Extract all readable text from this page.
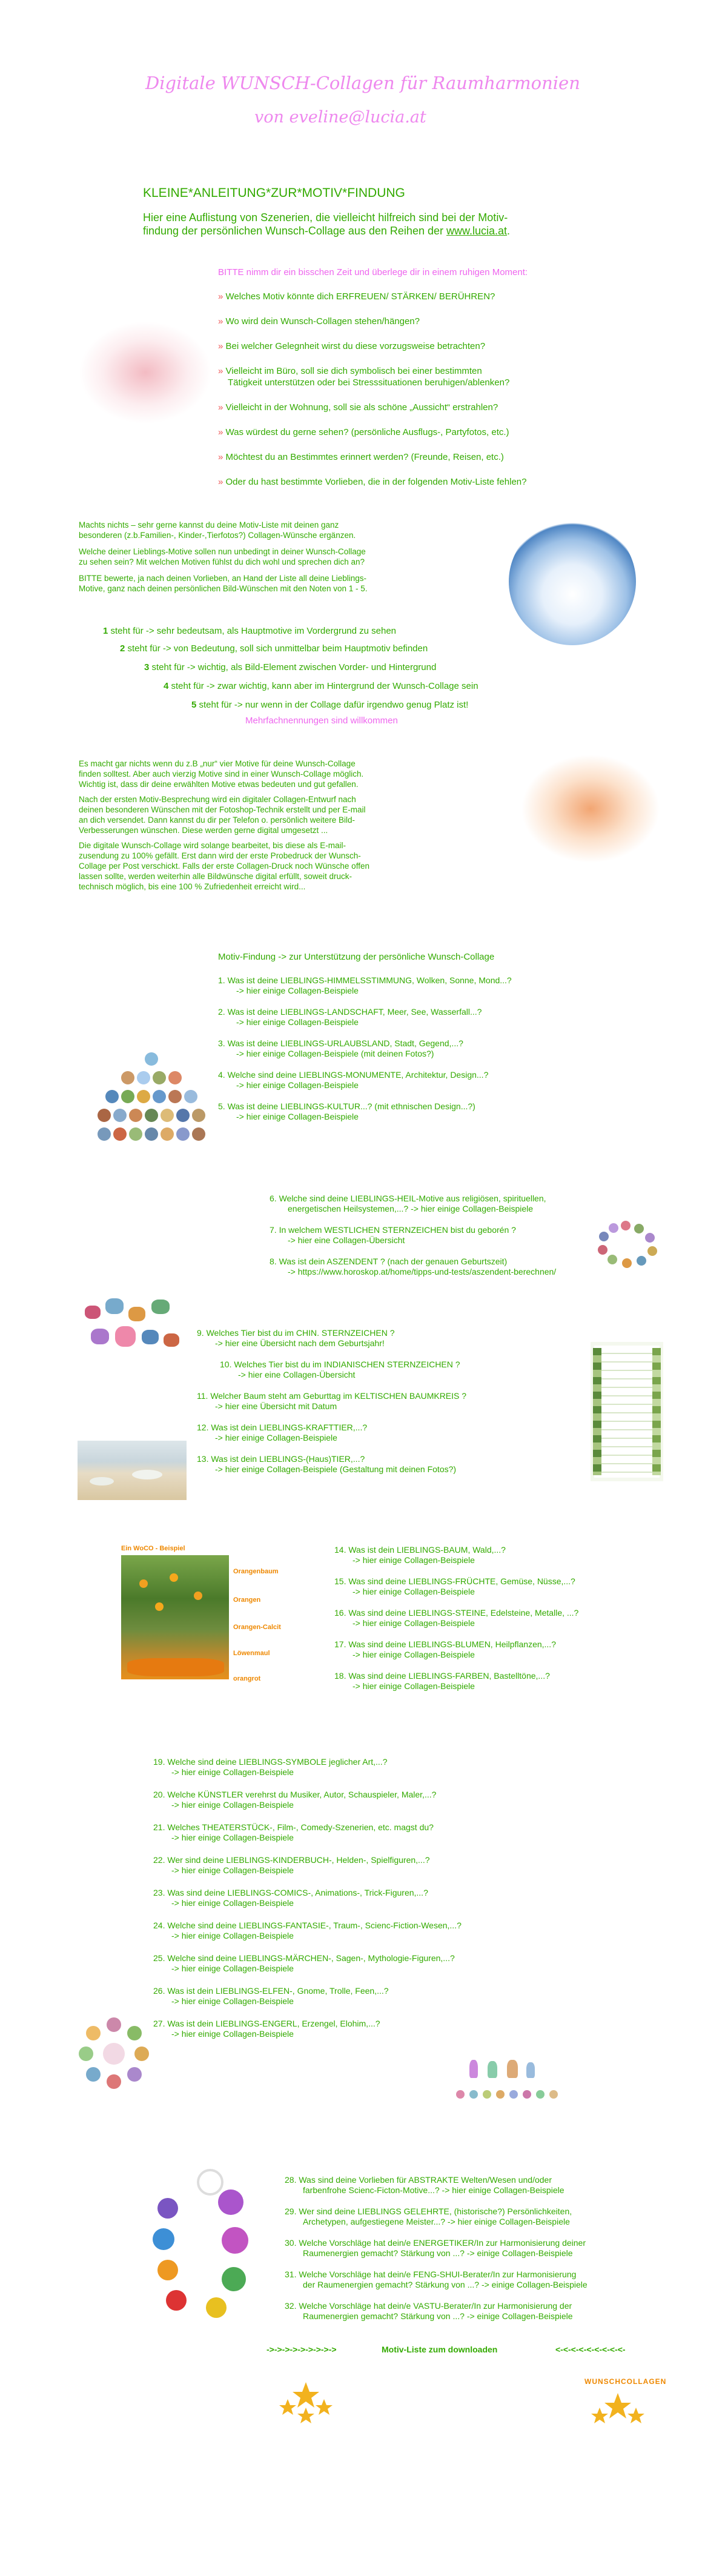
Digitale WUNSCH-Collagen für Raumharmonien
von eveline@lucia.at
KLEINE*ANLEITUNG*ZUR*MOTIV*FINDUNG
Hier eine Auflistung von Szenerien, die vielleicht hilfreich sind bei der Motiv-
findung der persönlichen Wunsch-Collage aus den Reihen der www.lucia.at.
BITTE nimm dir ein bisschen Zeit und überlege dir in einem ruhigen Moment:
» Welches Motiv könnte dich ERFREUEN/ STÄRKEN/ BERÜHREN?
» Wo wird dein Wunsch-Collagen stehen/hängen?
» Bei welcher Gelegnheit wirst du diese vorzugsweise betrachten?
» Vielleicht im Büro, soll sie dich symbolisch bei einer bestimmten
Tätigkeit unterstützen oder bei Stresssituationen beruhigen/ablenken?
» Vielleicht in der Wohnung, soll sie als schöne „Aussicht“ erstrahlen?
» Was würdest du gerne sehen? (persönliche Ausflugs-, Partyfotos, etc.)
» Möchtest du an Bestimmtes erinnert werden? (Freunde, Reisen, etc.)
» Oder du hast bestimmte Vorlieben, die in der folgenden Motiv-Liste fehlen?
Machts nichts – sehr gerne kannst du deine Motiv-Liste mit deinen ganz
besonderen (z.b.Familien-, Kinder-,Tierfotos?) Collagen-Wünsche ergänzen.
Welche deiner Lieblings-Motive sollen nun unbedingt in deiner Wunsch-Collage
zu sehen sein? Mit welchen Motiven fühlst du dich wohl und sprechen dich an?
BITTE bewerte, ja nach deinen Vorlieben, an Hand der Liste all deine Lieblings-
Motive, ganz nach deinen persönlichen Bild-Wünschen mit den Noten von 1 - 5.
1 steht für -> sehr bedeutsam, als Hauptmotive im Vordergrund zu sehen
2 steht für -> von Bedeutung, soll sich unmittelbar beim Hauptmotiv befinden
3 steht für -> wichtig, als Bild-Element zwischen Vorder- und Hintergrund
4 steht für -> zwar wichtig, kann aber im Hintergrund der Wunsch-Collage sein
5 steht für -> nur wenn in der Collage dafür irgendwo genug Platz ist!
Mehrfachnennungen sind willkommen
Es macht gar nichts wenn du z.B „nur“ vier Motive für deine Wunsch-Collage
finden solltest. Aber auch vierzig Motive sind in einer Wunsch-Collage möglich.
Wichtig ist, dass dir deine erwählten Motive etwas bedeuten und gut gefallen.
Nach der ersten Motiv-Besprechung wird ein digitaler Collagen-Entwurf nach
deinen besonderen Wünschen mit der Fotoshop-Technik erstellt und per E-mail
an dich versendet. Dann kannst du dir per Telefon o. persönlich weitere Bild-
Verbesserungen wünschen. Diese werden gerne digital umgesetzt ...
Die digitale Wunsch-Collage wird solange bearbeitet, bis diese als E-mail-
zusendung zu 100% gefällt. Erst dann wird der erste Probedruck der Wunsch-
Collage per Post verschickt. Falls der erste Collagen-Druck noch Wünsche offen
lassen sollte, werden weiterhin alle Bildwünsche digital erfüllt, soweit druck-
technisch möglich, bis eine 100 % Zufriedenheit erreicht wird...
Motiv-Findung -> zur Unterstützung der persönliche Wunsch-Collage
1. Was ist deine LIEBLINGS-HIMMELSSTIMMUNG, Wolken, Sonne, Mond...?
-> hier einige Collagen-Beispiele
2. Was ist deine LIEBLINGS-LANDSCHAFT, Meer, See, Wasserfall...?
-> hier einige Collagen-Beispiele
3. Was ist deine LIEBLINGS-URLAUBSLAND, Stadt, Gegend,...?
-> hier einige Collagen-Beispiele (mit deinen Fotos?)
4. Welche sind deine LIEBLINGS-MONUMENTE, Architektur, Design...?
-> hier einige Collagen-Beispiele
5. Was ist deine LIEBLINGS-KULTUR...? (mit ethnischen Design...?)
-> hier einige Collagen-Beispiele
6. Welche sind deine LIEBLINGS-HEIL-Motive aus religiösen, spirituellen,
energetischen Heilsystemen,...? -> hier einige Collagen-Beispiele
7. In welchem WESTLICHEN STERNZEICHEN bist du geborén ?
-> hier eine Collagen-Übersicht
8. Was ist dein ASZENDENT ? (nach der genauen Geburtszeit)
-> https://www.horoskop.at/home/tipps-und-tests/aszendent-berechnen/
9. Welches Tier bist du im CHIN. STERNZEICHEN ?
-> hier eine Übersicht nach dem Geburtsjahr!
10. Welches Tier bist du im INDIANISCHEN STERNZEICHEN ?
-> hier eine Collagen-Übersicht
11. Welcher Baum steht am Geburttag im KELTISCHEN BAUMKREIS ?
-> hier eine Übersicht mit Datum
12. Was ist dein LIEBLINGS-KRAFTTIER,...?
-> hier einige Collagen-Beispiele
13. Was ist dein LIEBLINGS-(Haus)TIER,...?
-> hier einige Collagen-Beispiele (Gestaltung mit deinen Fotos?)
Ein WoCO - Beispiel
Orangenbaum
Orangen
Orangen-Calcit
Löwenmaul
orangrot
14. Was ist dein LIEBLINGS-BAUM, Wald,...?
-> hier einige Collagen-Beispiele
15. Was sind deine LIEBLINGS-FRÜCHTE, Gemüse, Nüsse,...?
-> hier einige Collagen-Beispiele
16. Was sind deine LIEBLINGS-STEINE, Edelsteine, Metalle, ...?
-> hier einige Collagen-Beispiele
17. Was sind deine LIEBLINGS-BLUMEN, Heilpflanzen,...?
-> hier einige Collagen-Beispiele
18. Was sind deine LIEBLINGS-FARBEN, Bastelltöne,...?
-> hier einige Collagen-Beispiele
19. Welche sind deine LIEBLINGS-SYMBOLE jeglicher Art,...?
-> hier einige Collagen-Beispiele
20. Welche KÜNSTLER verehrst du Musiker, Autor, Schauspieler, Maler,...?
-> hier einige Collagen-Beispiele
21. Welches THEATERSTÜCK-, Film-, Comedy-Szenerien, etc. magst du?
-> hier einige Collagen-Beispiele
22. Wer sind deine LIEBLINGS-KINDERBUCH-, Helden-, Spielfiguren,...?
-> hier einige Collagen-Beispiele
23. Was sind deine LIEBLINGS-COMICS-, Animations-, Trick-Figuren,...?
-> hier einige Collagen-Beispiele
24. Welche sind deine LIEBLINGS-FANTASIE-, Traum-, Scienc-Fiction-Wesen,...?
-> hier einige Collagen-Beispiele
25. Welche sind deine LIEBLINGS-MÄRCHEN-, Sagen-, Mythologie-Figuren,...?
-> hier einige Collagen-Beispiele
26. Was ist dein LIEBLINGS-ELFEN-, Gnome, Trolle, Feen,...?
-> hier einige Collagen-Beispiele
27. Was ist dein LIEBLINGS-ENGERL, Erzengel, Elohim,...?
-> hier einige Collagen-Beispiele
28. Was sind deine Vorlieben für ABSTRAKTE Welten/Wesen und/oder
farbenfrohe Scienc-Ficton-Motive...? -> hier einige Collagen-Beispiele
29. Wer sind deine LIEBLINGS GELEHRTE, (historische?) Persönlichkeiten,
Archetypen, aufgestiegene Meister...? -> hier einige Collagen-Beispiele
30. Welche Vorschläge hat dein/e ENERGETIKER/In zur Harmonisierung deiner
Raumenergien gemacht? Stärkung von ...? -> einige Collagen-Beispiele
31. Welche Vorschläge hat dein/e FENG-SHUI-Berater/In zur Harmonisierung
der Raumenergien gemacht? Stärkung von ...? -> einige Collagen-Beispiele
32. Welche Vorschläge hat dein/e VASTU-Berater/In zur Harmonisierung der
Raumenergien gemacht? Stärkung von ...? -> einige Collagen-Beispiele
->->->->->->->->->	Motiv-Liste zum downloaden	<-<-<-<-<-<-<-<-<-
WUNSCHCOLLAGEN
